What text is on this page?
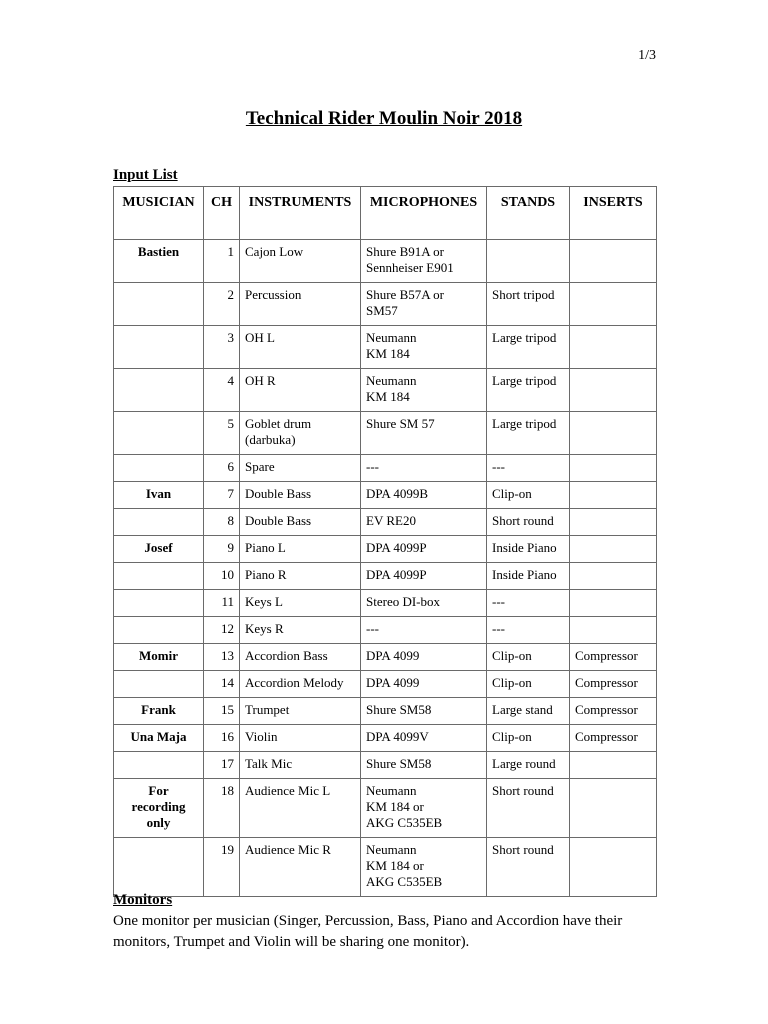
1/3
Technical Rider Moulin Noir 2018
Input List
MUSICIAN	CH	INSTRUMENTS	MICROPHONES	STANDS	INSERTS
Bastien	1	Cajon Low	Shure B91A or
Sennheiser E901		
	2	Percussion	Shure B57A or
SM57	Short tripod	
	3	OH L	Neumann
KM 184	Large tripod	
	4	OH R	Neumann
KM 184	Large tripod	
	5	Goblet drum
(darbuka)	Shure SM 57	Large tripod	
	6	Spare	---	---	
Ivan	7	Double Bass	DPA 4099B	Clip-on	
	8	Double Bass	EV RE20	Short round	
Josef	9	Piano L	DPA 4099P	Inside Piano	
	10	Piano R	DPA 4099P	Inside Piano	
	11	Keys L	Stereo DI-box	---	
	12	Keys R	---	---	
Momir	13	Accordion Bass	DPA 4099	Clip-on	Compressor
	14	Accordion Melody	DPA 4099	Clip-on	Compressor
Frank	15	Trumpet	Shure SM58	Large stand	Compressor
Una Maja	16	Violin	DPA 4099V	Clip-on	Compressor
	17	Talk Mic	Shure SM58	Large round	
For
recording
only	18	Audience Mic L	Neumann
KM 184 or
AKG C535EB	Short round	
	19	Audience Mic R	Neumann
KM 184 or
AKG C535EB	Short round	
Monitors
One monitor per musician (Singer, Percussion, Bass, Piano and Accordion have their monitors, Trumpet and Violin will be sharing one monitor).
